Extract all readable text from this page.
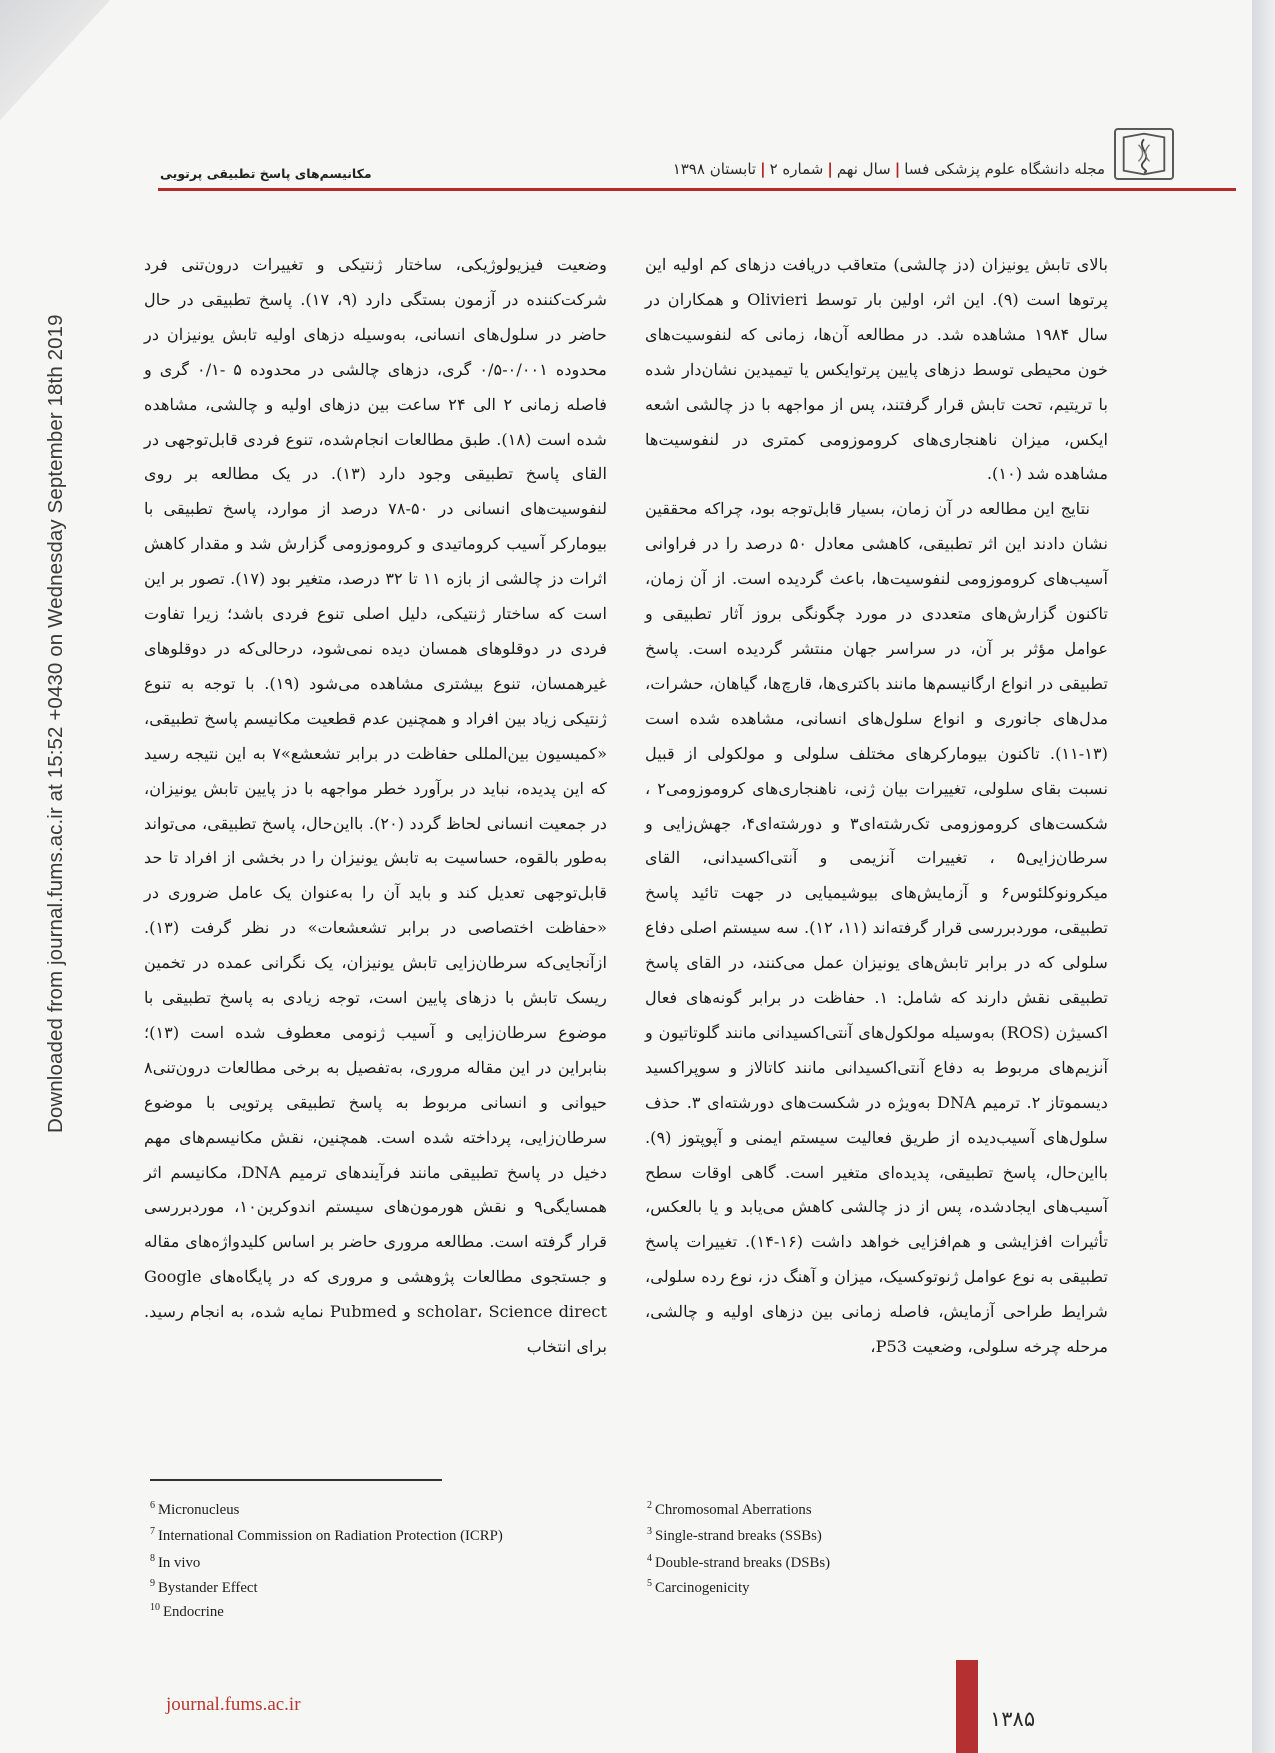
مجله دانشگاه علوم پزشکی فسا|سال نهم|شماره ۲|تابستان ۱۳۹۸
مکانیسم‌های پاسخ تطبیقی پرتویی

بالای تابش یونیزان (دز چالشی) متعاقب دریافت دزهای کم اولیه این پرتوها است (۹). این اثر، اولین بار توسط Olivieri و همکاران در سال ۱۹۸۴ مشاهده شد. در مطالعه آن‌ها، زمانی که لنفوسیت‌های خون محیطی توسط دزهای پایین پرتوایکس یا تیمیدین نشان‌دار شده با تریتیم، تحت تابش قرار گرفتند، پس از مواجهه با دز چالشی اشعه ایکس، میزان ناهنجاری‌های کروموزومی کمتری در لنفوسیت‌ها مشاهده شد (۱۰).

نتایج این مطالعه در آن زمان، بسیار قابل‌توجه بود، چراکه محققین نشان دادند این اثر تطبیقی، کاهشی معادل ۵۰ درصد را در فراوانی آسیب‌های کروموزومی لنفوسیت‌ها، باعث گردیده است. از آن زمان، تاکنون گزارش‌های متعددی در مورد چگونگی بروز آثار تطبیقی و عوامل مؤثر بر آن، در سراسر جهان منتشر گردیده است. پاسخ تطبیقی در انواع ارگانیسم‌ها مانند باکتری‌ها، قارچ‌ها، گیاهان، حشرات، مدل‌های جانوری و انواع سلول‌های انسانی، مشاهده شده است (۱۳-۱۱). تاکنون بیومارکرهای مختلف سلولی و مولکولی از قبیل نسبت بقای سلولی، تغییرات بیان ژنی، ناهنجاری‌های کروموزومی۲ ، شکست‌های کروموزومی تک‌رشته‌ای۳ و دورشته‌ای۴، جهش‌زایی و سرطان‌زایی۵ ، تغییرات آنزیمی و آنتی‌اکسیدانی، القای میکرونوکلئوس۶ و آزمایش‌های بیوشیمیایی در جهت تائید پاسخ تطبیقی، موردبررسی قرار گرفته‌اند (۱۱، ۱۲). سه سیستم اصلی دفاع سلولی که در برابر تابش‌های یونیزان عمل می‌کنند، در القای پاسخ تطبیقی نقش دارند که شامل: ۱. حفاظت در برابر گونه‌های فعال اکسیژن (ROS) به‌وسیله مولکول‌های آنتی‌اکسیدانی مانند گلوتاتیون و آنزیم‌های مربوط به دفاع آنتی‌اکسیدانی مانند کاتالاز و سوپراکسید دیسموتاز ۲. ترمیم DNA به‌ویژه در شکست‌های دورشته‌ای ۳. حذف سلول‌های آسیب‌دیده از طریق فعالیت سیستم ایمنی و آپوپتوز (۹). بااین‌حال، پاسخ تطبیقی، پدیده‌ای متغیر است. گاهی اوقات سطح آسیب‌های ایجادشده، پس از دز چالشی کاهش می‌یابد و یا بالعکس، تأثیرات افزایشی و هم‌افزایی خواهد داشت (۱۶-۱۴). تغییرات پاسخ تطبیقی به نوع عوامل ژنوتوکسیک، میزان و آهنگ دز، نوع رده سلولی، شرایط طراحی آزمایش، فاصله زمانی بین دزهای اولیه و چالشی، مرحله چرخه سلولی، وضعیت P53،

وضعیت فیزیولوژیکی، ساختار ژنتیکی و تغییرات درون‌تنی فرد شرکت‌کننده در آزمون بستگی دارد (۹، ۱۷). پاسخ تطبیقی در حال حاضر در سلول‌های انسانی، به‌وسیله دزهای اولیه تابش یونیزان در محدوده ۰/۰۰۱-۰/۵ گری، دزهای چالشی در محدوده ۵ -۰/۱ گری و فاصله زمانی ۲ الی ۲۴ ساعت بین دزهای اولیه و چالشی، مشاهده شده است (۱۸). طبق مطالعات انجام‌شده، تنوع فردی قابل‌توجهی در القای پاسخ تطبیقی وجود دارد (۱۳). در یک مطالعه بر روی لنفوسیت‌های انسانی در ۵۰-۷۸ درصد از موارد، پاسخ تطبیقی با بیومارکر آسیب کروماتیدی و کروموزومی گزارش شد و مقدار کاهش اثرات دز چالشی از بازه ۱۱ تا ۳۲ درصد، متغیر بود (۱۷). تصور بر این است که ساختار ژنتیکی، دلیل اصلی تنوع فردی باشد؛ زیرا تفاوت فردی در دوقلوهای همسان دیده نمی‌شود، درحالی‌که در دوقلوهای غیرهمسان، تنوع بیشتری مشاهده می‌شود (۱۹). با توجه به تنوع ژنتیکی زیاد بین افراد و همچنین عدم قطعیت مکانیسم پاسخ تطبیقی، «کمیسیون بین‌المللی حفاظت در برابر تشعشع»۷ به این نتیجه رسید که این پدیده، نباید در برآورد خطر مواجهه با دز پایین تابش یونیزان، در جمعیت انسانی لحاظ گردد (۲۰). بااین‌حال، پاسخ تطبیقی، می‌تواند به‌طور بالقوه، حساسیت به تابش یونیزان را در بخشی از افراد تا حد قابل‌توجهی تعدیل کند و باید آن را به‌عنوان یک عامل ضروری در «حفاظت اختصاصی در برابر تشعشعات» در نظر گرفت (۱۳). ازآنجایی‌که سرطان‌زایی تابش یونیزان، یک نگرانی عمده در تخمین ریسک تابش با دزهای پایین است، توجه زیادی به پاسخ تطبیقی با موضوع سرطان‌زایی و آسیب ژنومی معطوف شده است (۱۳)؛ بنابراین در این مقاله مروری، به‌تفصیل به برخی مطالعات درون‌تنی۸ حیوانی و انسانی مربوط به پاسخ تطبیقی پرتویی با موضوع سرطان‌زایی، پرداخته شده است. همچنین، نقش مکانیسم‌های مهم دخیل در پاسخ تطبیقی مانند فرآیندهای ترمیم DNA، مکانیسم اثر همسایگی۹ و نقش هورمون‌های سیستم اندوکرین۱۰، موردبررسی قرار گرفته است. مطالعه مروری حاضر بر اساس کلیدواژه‌های مقاله و جستجوی مطالعات پژوهشی و مروری که در پایگاه‌های Google scholar، Science direct و Pubmed نمایه شده، به انجام رسید. برای انتخاب

$^6$ Micronucleus
$^7$ International Commission on Radiation Protection (ICRP)
$^8$ In vivo
$^9$ Bystander Effect
$^{10}$ Endocrine
$^2$ Chromosomal Aberrations
$^3$ Single-strand breaks (SSBs)
$^4$ Double-strand breaks (DSBs)
$^5$ Carcinogenicity
Downloaded from journal.fums.ac.ir at 15:52 +0430 on Wednesday September 18th 2019
journal.fums.ac.ir
۱۳۸۵
